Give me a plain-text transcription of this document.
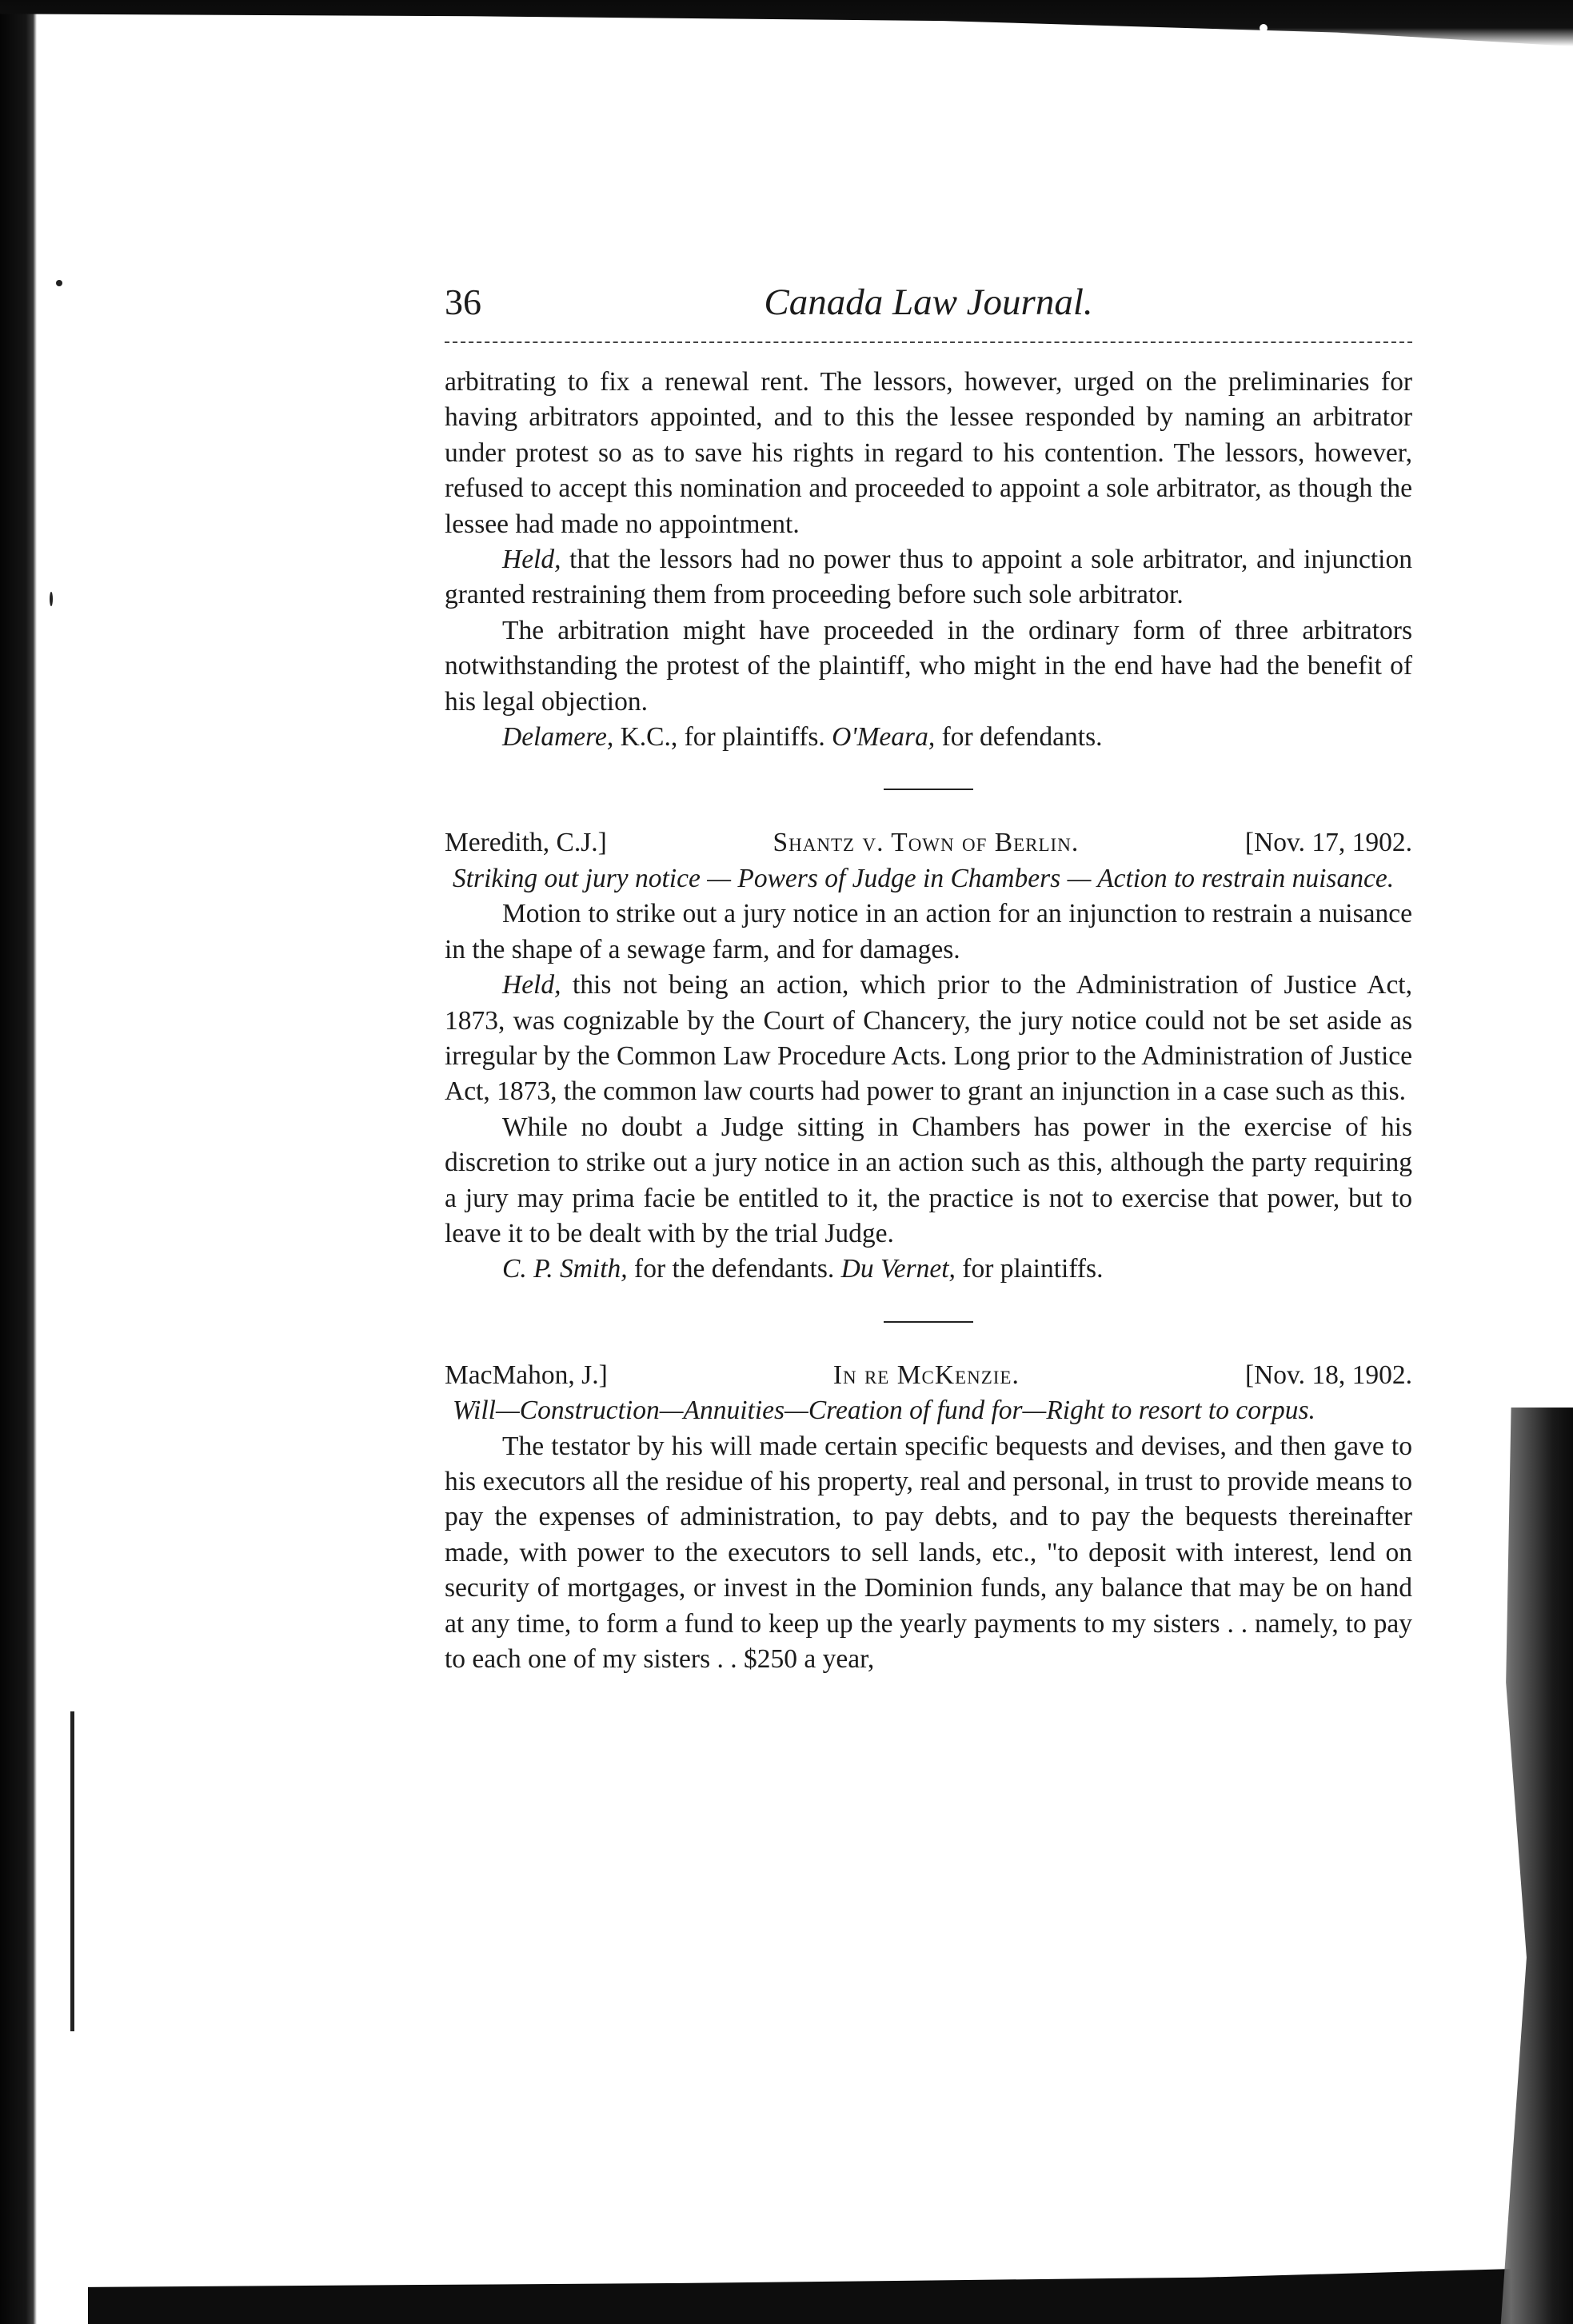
36	Canada Law Journal.

arbitrating to fix a renewal rent. The lessors, however, urged on the preliminaries for having arbitrators appointed, and to this the lessee responded by naming an arbitrator under protest so as to save his rights in regard to his contention. The lessors, however, refused to accept this nomination and proceeded to appoint a sole arbitrator, as though the lessee had made no appointment.

Held, that the lessors had no power thus to appoint a sole arbitrator, and injunction granted restraining them from proceeding before such sole arbitrator.

The arbitration might have proceeded in the ordinary form of three arbitrators notwithstanding the protest of the plaintiff, who might in the end have had the benefit of his legal objection.

Delamere, K.C., for plaintiffs. O'Meara, for defendants.

Meredith, C.J.]	Shantz v. Town of Berlin.	[Nov. 17, 1902.

Striking out jury notice — Powers of Judge in Chambers — Action to restrain nuisance.

Motion to strike out a jury notice in an action for an injunction to restrain a nuisance in the shape of a sewage farm, and for damages.

Held, this not being an action, which prior to the Administration of Justice Act, 1873, was cognizable by the Court of Chancery, the jury notice could not be set aside as irregular by the Common Law Procedure Acts. Long prior to the Administration of Justice Act, 1873, the common law courts had power to grant an injunction in a case such as this.

While no doubt a Judge sitting in Chambers has power in the exercise of his discretion to strike out a jury notice in an action such as this, although the party requiring a jury may prima facie be entitled to it, the practice is not to exercise that power, but to leave it to be dealt with by the trial Judge.

C. P. Smith, for the defendants. Du Vernet, for plaintiffs.

MacMahon, J.]	In re McKenzie.	[Nov. 18, 1902.

Will—Construction—Annuities—Creation of fund for—Right to resort to corpus.

The testator by his will made certain specific bequests and devises, and then gave to his executors all the residue of his property, real and personal, in trust to provide means to pay the expenses of administration, to pay debts, and to pay the bequests thereinafter made, with power to the executors to sell lands, etc., "to deposit with interest, lend on security of mortgages, or invest in the Dominion funds, any balance that may be on hand at any time, to form a fund to keep up the yearly payments to my sisters . . namely, to pay to each one of my sisters . . $250 a year,
